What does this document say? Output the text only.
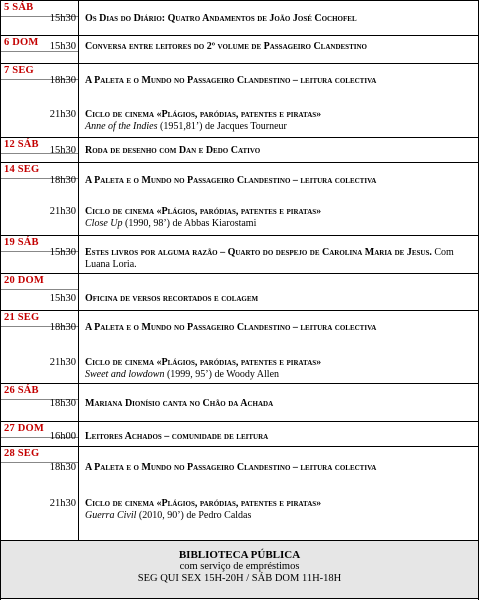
5 SÁB
15h30 Os Dias do Diário: Quatro Andamentos de João José Cochofel
6 DOM	15h30 Conversa entre leitores do 2º volume de Passageiro Clandestino
7 SEG
18h30 A Paleta e o Mundo no Passageiro Clandestino – leitura colectiva
21h30 Ciclo de cinema «Plágios, paródias, patentes e piratas»
Anne of the Indies (1951,81’) de Jacques Tourneur
12 SÁB
15h30 Roda de desenho com Dan e Dedo Cativo
14 SEG
18h30 A Paleta e o Mundo no Passageiro Clandestino – leitura colectiva
21h30 Ciclo de cinema «Plágios, paródias, patentes e piratas»
Close Up (1990, 98’) de Abbas Kiarostami
19 SÁB
15h30 Estes livros por alguma razão – Quarto do despejo de Carolina Maria de Jesus. Com Luana Loria.
20 DOM
15h30 Oficina de versos recortados e colagem
21 SEG
18h30 A Paleta e o Mundo no Passageiro Clandestino – leitura colectiva
21h30 Ciclo de cinema «Plágios, paródias, patentes e piratas»
Sweet and lowdown (1999, 95’) de Woody Allen
26 SÁB
18h30 Mariana Dionísio canta no Chão da Achada
27 DOM
16h00 Leitores Achados – comunidade de leitura
28 SEG
18h30 A Paleta e o Mundo no Passageiro Clandestino – leitura colectiva
21h30 Ciclo de cinema «Plágios, paródias, patentes e piratas»
Guerra Civil (2010, 90’) de Pedro Caldas
BIBLIOTECA PÚBLICA
com serviço de empréstimos
SEG QUI SEX 15H-20H / SÁB DOM 11H-18H
